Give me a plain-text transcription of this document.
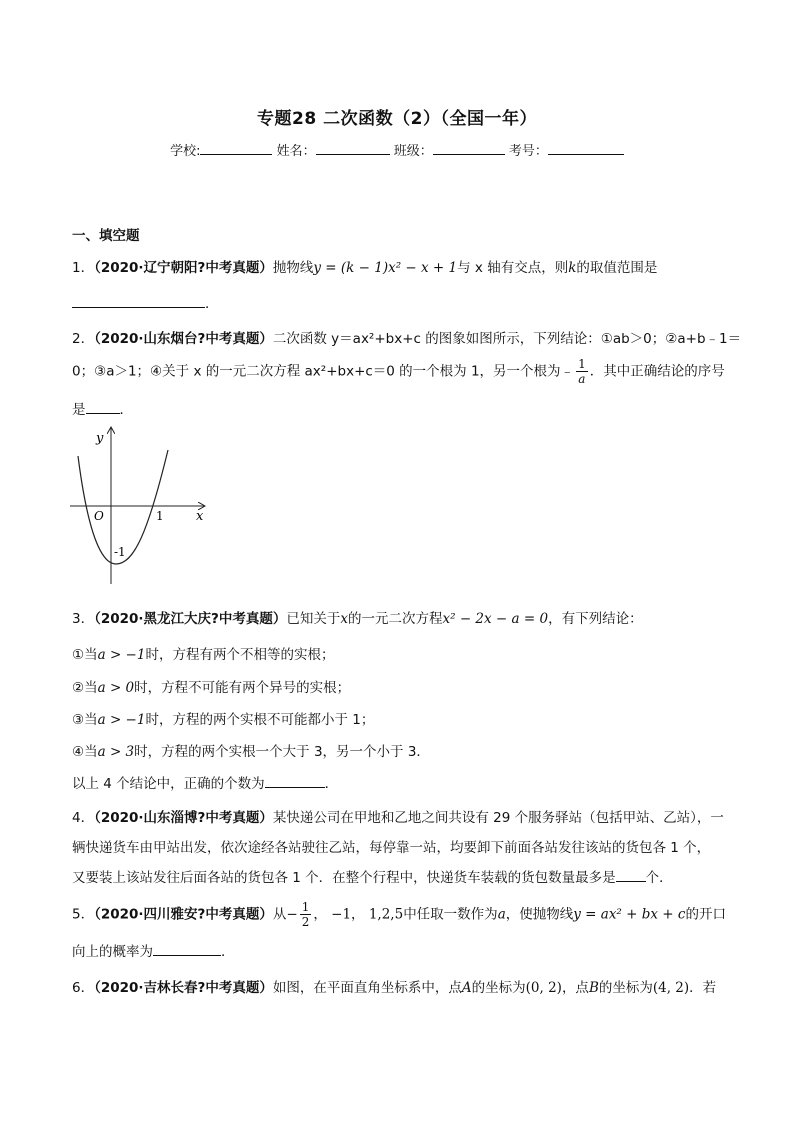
专题28 二次函数（2）（全国一年）
学校:	姓名：	班级：	考号：
一、填空题
1．（2020·辽宁朝阳?中考真题）抛物线y = (k − 1)x² − x + 1与 x 轴有交点，则k的取值范围是
．
2．（2020·山东烟台?中考真题）二次函数 y＝ax²+bx+c 的图象如图所示，下列结论：①ab＞0；②a+b﹣1＝
0；③a＞1；④关于 x 的一元二次方程 ax²+bx+c＝0 的一个根为 1，另一个根为﹣ $\frac{1}{a}$ ．其中正确结论的序号
是	．
y
x
O	1
-1
3．（2020·黑龙江大庆?中考真题）已知关于x的一元二次方程x² − 2x − a = 0，有下列结论：
①当a > −1时，方程有两个不相等的实根；
②当a > 0时，方程不可能有两个异号的实根；
③当a > −1时，方程的两个实根不可能都小于 1；
④当a > 3时，方程的两个实根一个大于 3，另一个小于 3．
以上 4 个结论中，正确的个数为	．
4．（2020·山东淄博?中考真题）某快递公司在甲地和乙地之间共设有 29 个服务驿站（包括甲站、乙站），一
辆快递货车由甲站出发，依次途经各站驶往乙站，每停靠一站，均要卸下前面各站发往该站的货包各 1 个，
又要装上该站发往后面各站的货包各 1 个．在整个行程中，快递货车装载的货包数量最多是 个．
5．（2020·四川雅安?中考真题）从− $\frac{1}{2}$ ， −1， 1,2,5中任取一数作为a，使抛物线y = ax² + bx + c的开口
向上的概率为	．
6．（2020·吉林长春?中考真题）如图，在平面直角坐标系中，点A的坐标为(0, 2)，点B的坐标为(4, 2)．若
